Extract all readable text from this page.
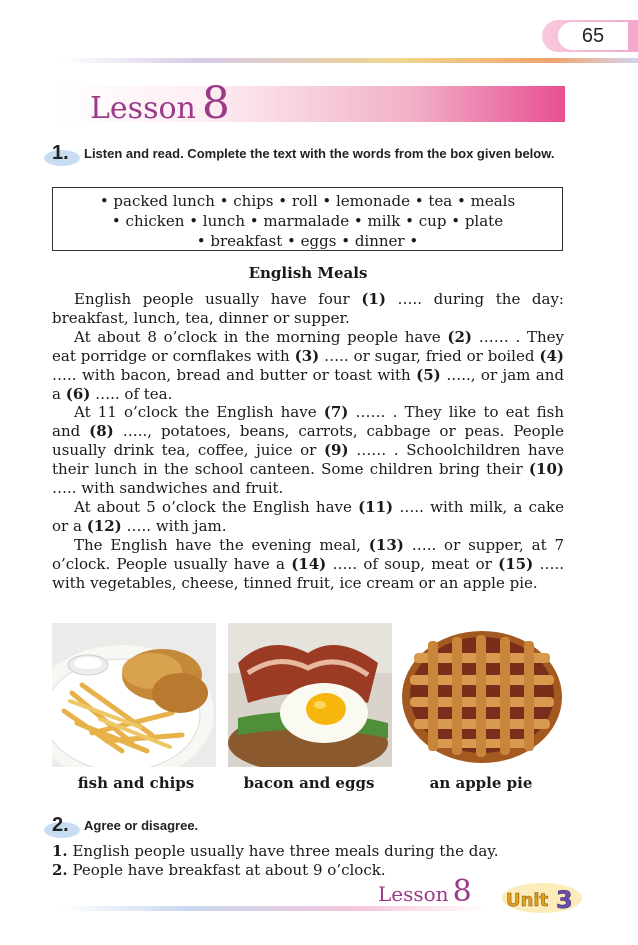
65
Lesson 8
1. Listen and read. Complete the text with the words from the box given below.
• packed lunch • chips • roll • lemonade • tea • meals
• chicken • lunch • marmalade • milk • cup • plate
• breakfast • eggs • dinner •
English Meals

English people usually have four (1) ….. during the day: breakfast, lunch, tea, dinner or supper.

At about 8 o’clock in the morning people have (2) …… . They eat porridge or cornflakes with (3) ….. or sugar, fried or boiled (4) ….. with bacon, bread and butter or toast with (5) ….., or jam and a (6) ….. of tea.

At 11 o’clock the English have (7) …… . They like to eat fish and (8) ….., potatoes, beans, carrots, cabbage or peas. People usually drink tea, coffee, juice or (9) …… . Schoolchildren have their lunch in the school canteen. Some children bring their (10) ….. with sandwiches and fruit.

At about 5 o’clock the English have (11) ….. with milk, a cake or a (12) ….. with jam.

The English have the evening meal, (13) ….. or supper, at 7 o’clock. People usually have a (14) ….. of soup, meat or (15) ….. with vegetables, cheese, tinned fruit, ice cream or an apple pie.

fish and chips	bacon and eggs	an apple pie
2. Agree or disagree.
1. English people usually have three meals during the day.
2. People have breakfast at about 9 o’clock.
Lesson 8 Unit 3
